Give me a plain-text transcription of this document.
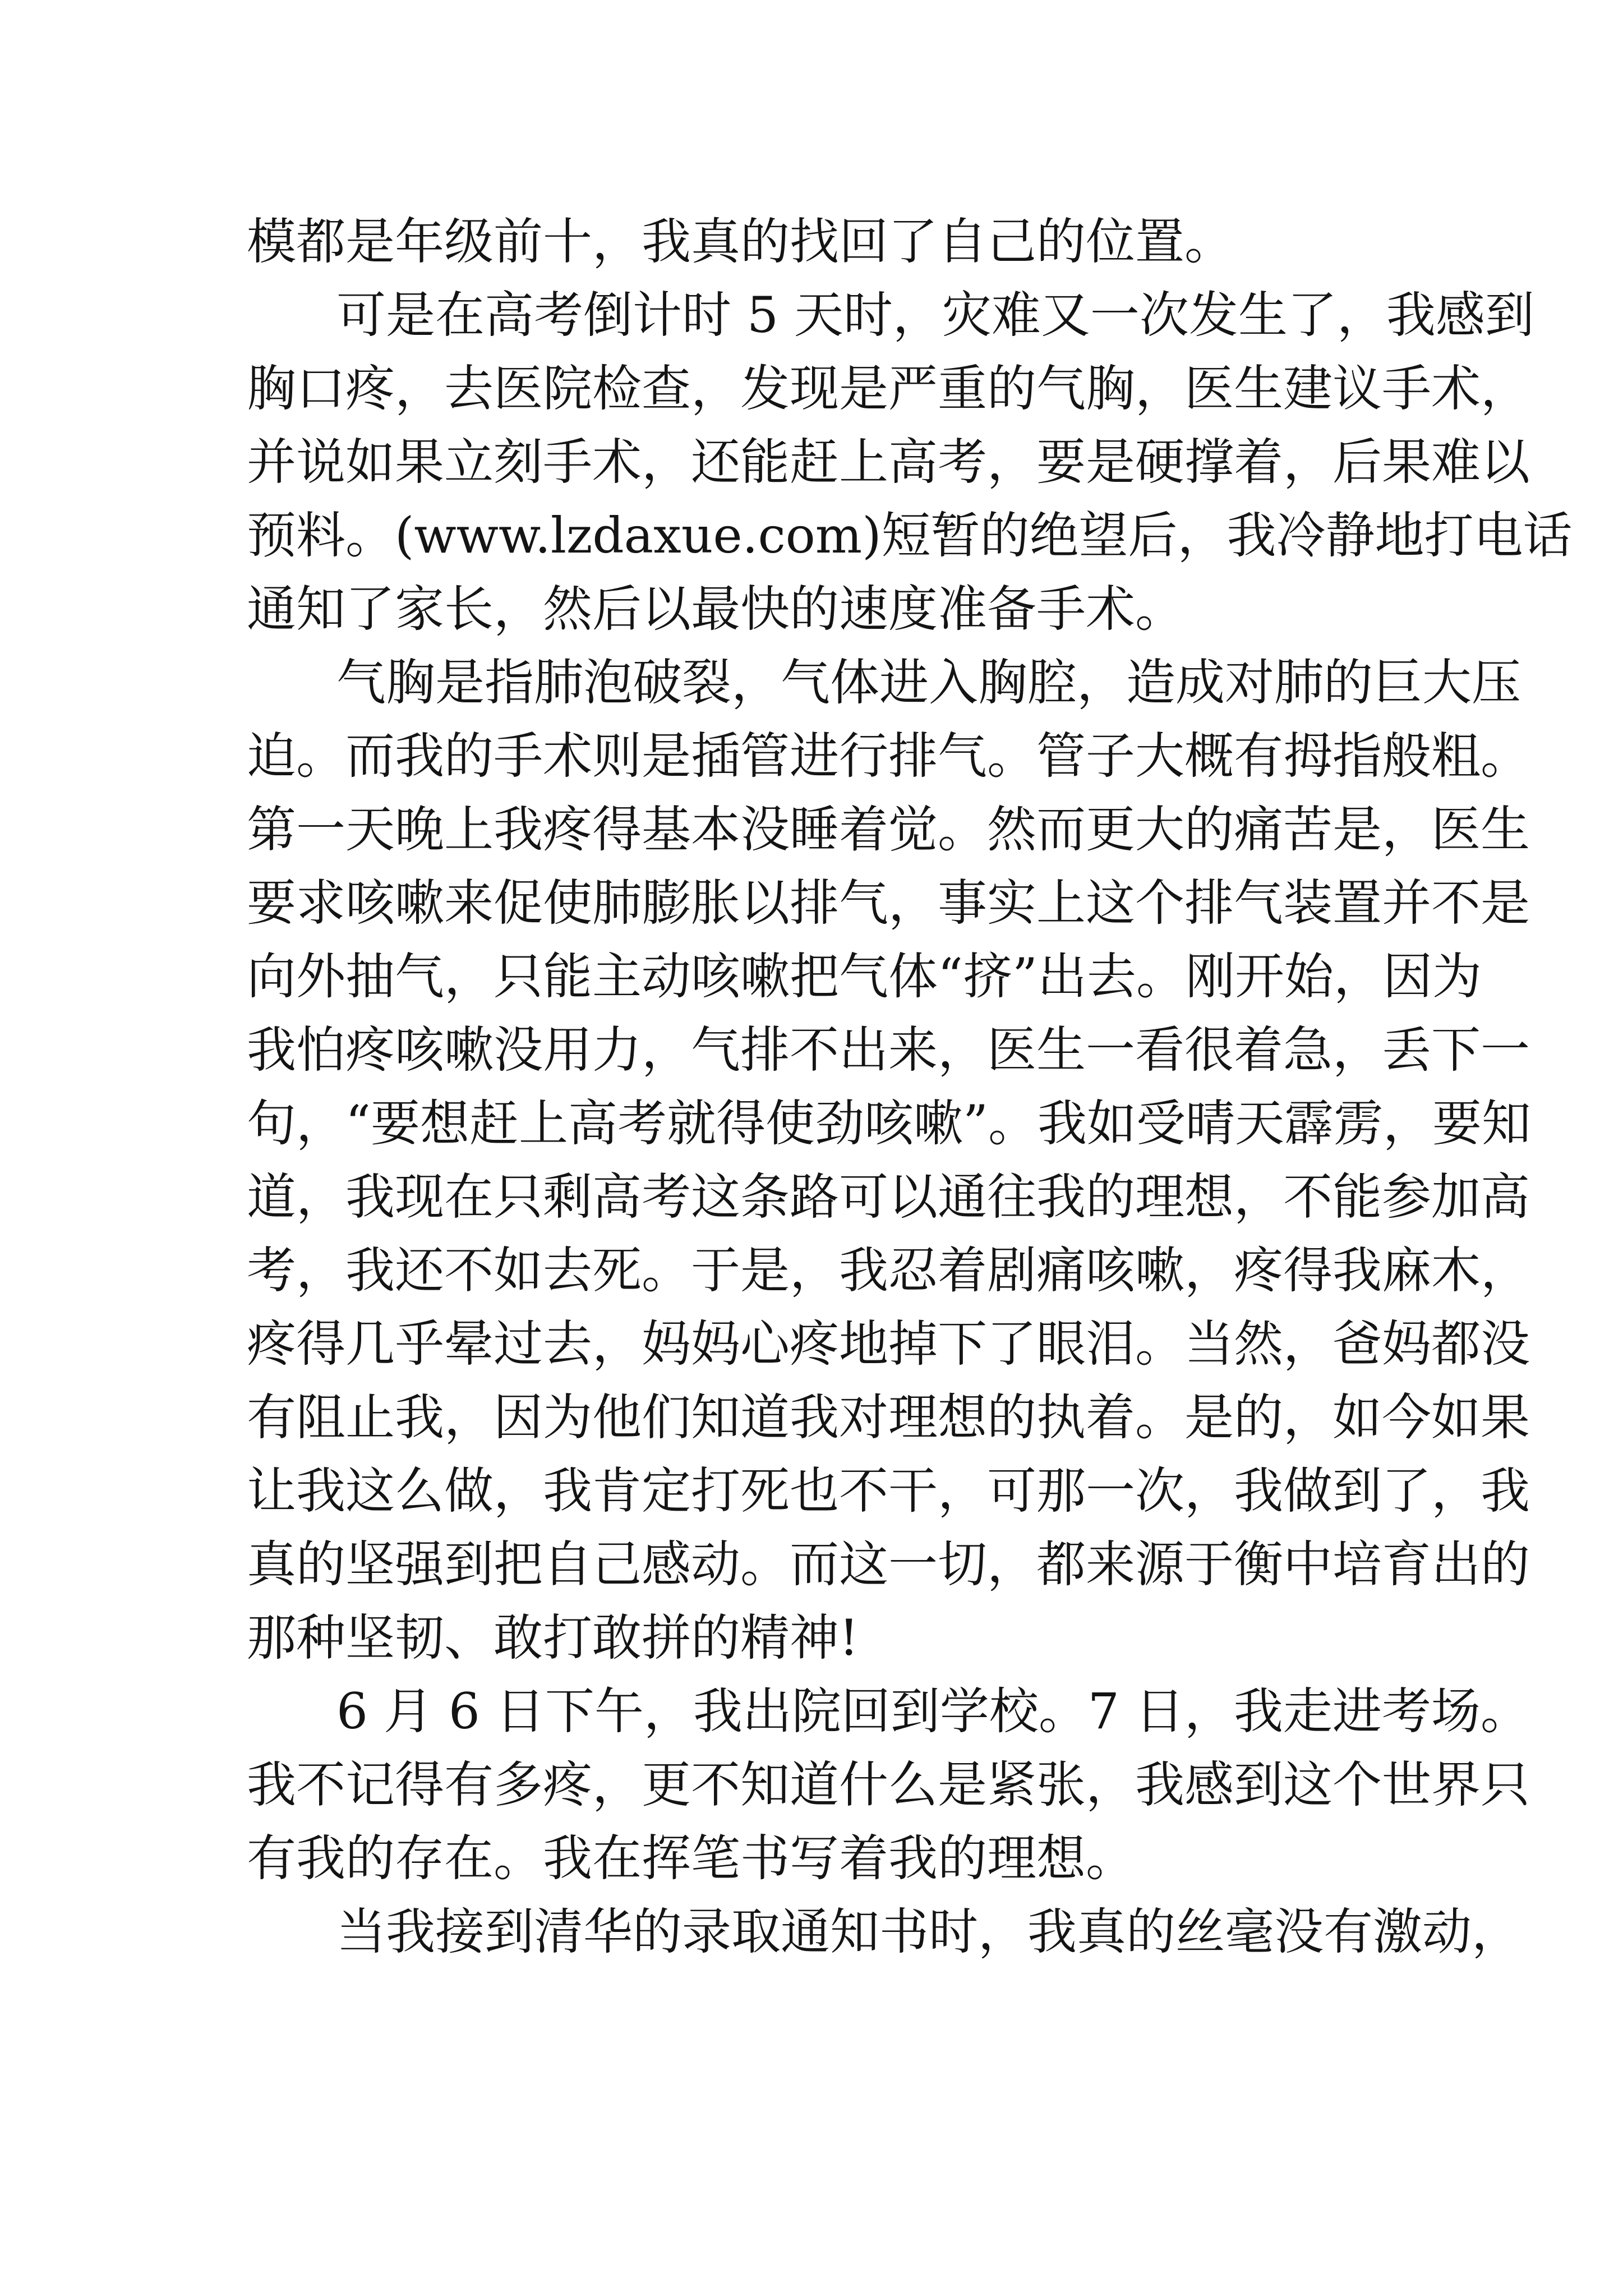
模都是年级前十，我真的找回了自己的位置。
可是在高考倒计时 5 天时，灾难又一次发生了，我感到
胸口疼，去医院检查，发现是严重的气胸，医生建议手术，
并说如果立刻手术，还能赶上高考，要是硬撑着，后果难以
预料。(www.lzdaxue.com)短暂的绝望后，我冷静地打电话
通知了家长，然后以最快的速度准备手术。
气胸是指肺泡破裂，气体进入胸腔，造成对肺的巨大压
迫。而我的手术则是插管进行排气。管子大概有拇指般粗。
第一天晚上我疼得基本没睡着觉。然而更大的痛苦是，医生
要求咳嗽来促使肺膨胀以排气，事实上这个排气装置并不是
向外抽气，只能主动咳嗽把气体“挤”出去。刚开始，因为
我怕疼咳嗽没用力，气排不出来，医生一看很着急，丢下一
句，“要想赶上高考就得使劲咳嗽”。我如受晴天霹雳，要知
道，我现在只剩高考这条路可以通往我的理想，不能参加高
考，我还不如去死。于是，我忍着剧痛咳嗽，疼得我麻木，
疼得几乎晕过去，妈妈心疼地掉下了眼泪。当然，爸妈都没
有阻止我，因为他们知道我对理想的执着。是的，如今如果
让我这么做，我肯定打死也不干，可那一次，我做到了，我
真的坚强到把自己感动。而这一切，都来源于衡中培育出的
那种坚韧、敢打敢拼的精神!
6 月 6 日下午，我出院回到学校。7 日，我走进考场。
我不记得有多疼，更不知道什么是紧张，我感到这个世界只
有我的存在。我在挥笔书写着我的理想。
当我接到清华的录取通知书时，我真的丝毫没有激动，
